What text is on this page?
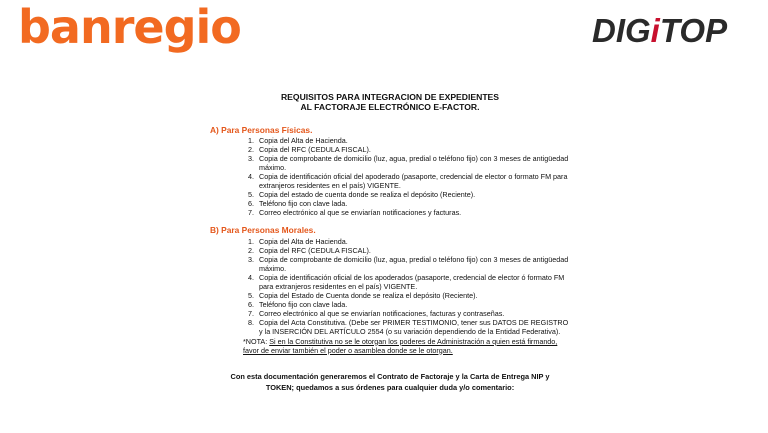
banregio	DIGiTOP
REQUISITOS PARA INTEGRACION DE EXPEDIENTES
AL FACTORAJE ELECTRÓNICO E-FACTOR.
A) Para Personas Físicas.
1. Copia del Alta de Hacienda.
2. Copia del RFC (CEDULA FISCAL).
3. Copia de comprobante de domicilio (luz, agua, predial o teléfono fijo) con 3 meses de antigüedad máximo.
4. Copia de identificación oficial del apoderado (pasaporte, credencial de elector o formato FM para extranjeros residentes en el país) VIGENTE.
5. Copia del estado de cuenta donde se realiza el depósito (Reciente).
6. Teléfono fijo con clave lada.
7. Correo electrónico al que se enviarían notificaciones y facturas.
B) Para Personas Morales.
1. Copia del Alta de Hacienda.
2. Copia del RFC (CEDULA FISCAL).
3. Copia de comprobante de domicilio (luz, agua, predial o teléfono fijo) con 3 meses de antigüedad máximo.
4. Copia de identificación oficial de los apoderados (pasaporte, credencial de elector ó formato FM para extranjeros residentes en el país) VIGENTE.
5. Copia del Estado de Cuenta donde se realiza el depósito (Reciente).
6. Teléfono fijo con clave lada.
7. Correo electrónico al que se enviarían notificaciones, facturas y contraseñas.
8. Copia del Acta Constitutiva. (Debe ser PRIMER TESTIMONIO, tener sus DATOS DE REGISTRO y la INSERCIÓN DEL ARTÍCULO 2554 (o su variación dependiendo de la Entidad Federativa).
*NOTA: Si en la Constitutiva no se le otorgan los poderes de Administración a quien está firmando, favor de enviar también el poder o asamblea donde se le otorgan.
Con esta documentación generaremos el Contrato de Factoraje y la Carta de Entrega NIP y
TOKEN; quedamos a sus órdenes para cualquier duda y/o comentario:
